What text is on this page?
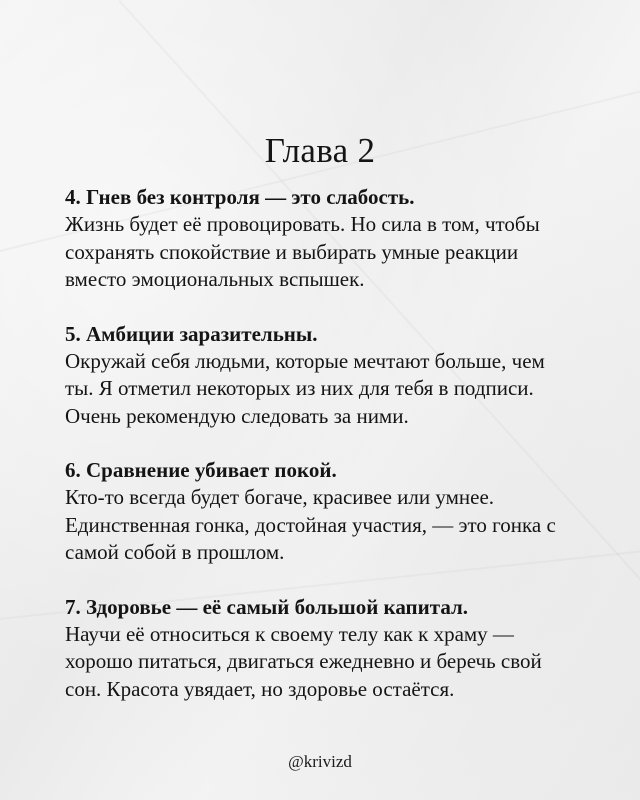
Глава 2
4. Гнев без контроля — это слабость.
Жизнь будет её провоцировать. Но сила в том, чтобы
сохранять спокойствие и выбирать умные реакции
вместо эмоциональных вспышек.
5. Амбиции заразительны.
Окружай себя людьми, которые мечтают больше, чем
ты. Я отметил некоторых из них для тебя в подписи.
Очень рекомендую следовать за ними.
6. Сравнение убивает покой.
Кто-то всегда будет богаче, красивее или умнее.
Единственная гонка, достойная участия, — это гонка с
самой собой в прошлом.
7. Здоровье — её самый большой капитал.
Научи её относиться к своему телу как к храму —
хорошо питаться, двигаться ежедневно и беречь свой
сон. Красота увядает, но здоровье остаётся.
@krivizd
